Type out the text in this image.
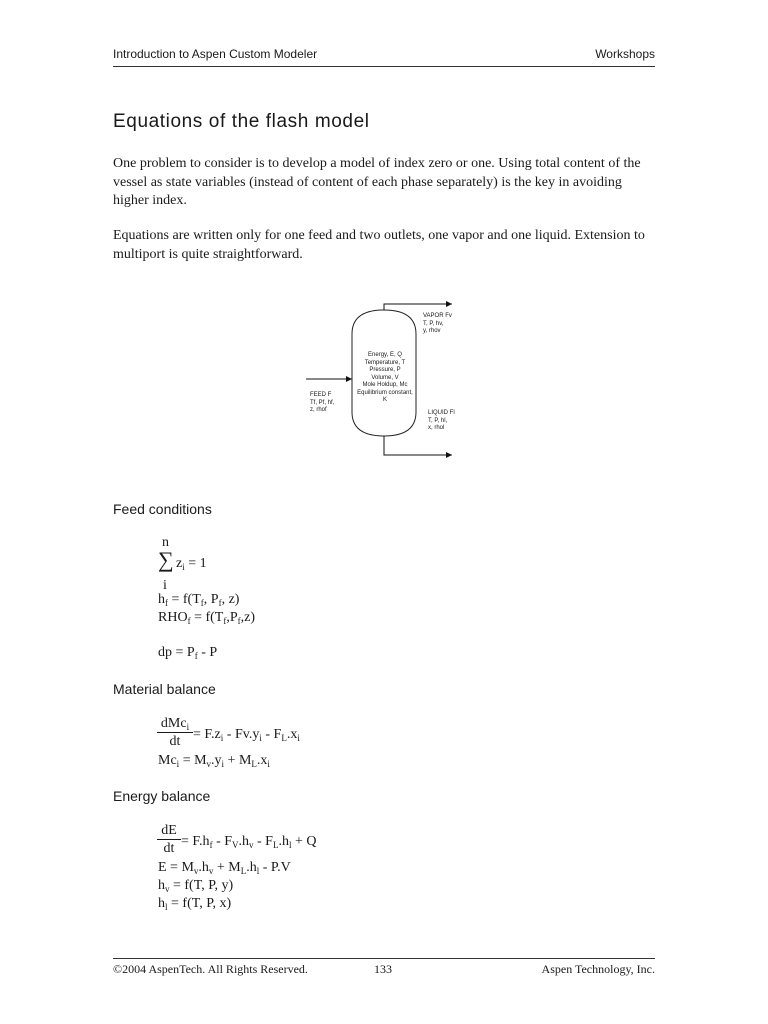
Introduction to Aspen Custom Modeler	Workshops
Equations of the flash model
One problem to consider is to develop a model of index zero or one. Using total content of the vessel as state variables (instead of content of each phase separately) is the key in avoiding higher index.
Equations are written only for one feed and two outlets, one vapor and one liquid. Extension to multiport is quite straightforward.
Energy, E, Q
Temperature, T
Pressure, P
Volume, V
Mole Holdup, Mc
Equilibrium constant,
K
FEED F
Tf, Pf, hf,
z, rhof
VAPOR Fv
T, P, hv,
y, rhov
LIQUID Fl
T, P, hl,
x, rhol
Feed conditions
n
∑ $z_i = 1$
i
$h_f = f(T_f$, $P_f$, z)
$RHO_f = f(T_f,P_f,z)$
dp = $P_f$ - P
Material balance
dMc$_i$
dt = $F.z_i - Fv.y_i - F_L.x_i$
$Mc_i = M_v.y_i + M_L.x_i$
Energy balance
$\frac{dE}{dt} = F.h_f - F_V.h_v - F_L.h_l + Q$
$E = M_v.h_v + M_L.h_l - P.V$
$h_v = f(T$, P, y)
$h_l = f(T$, P, x)
©2004 AspenTech. All Rights Reserved.	133	Aspen Technology, Inc.
